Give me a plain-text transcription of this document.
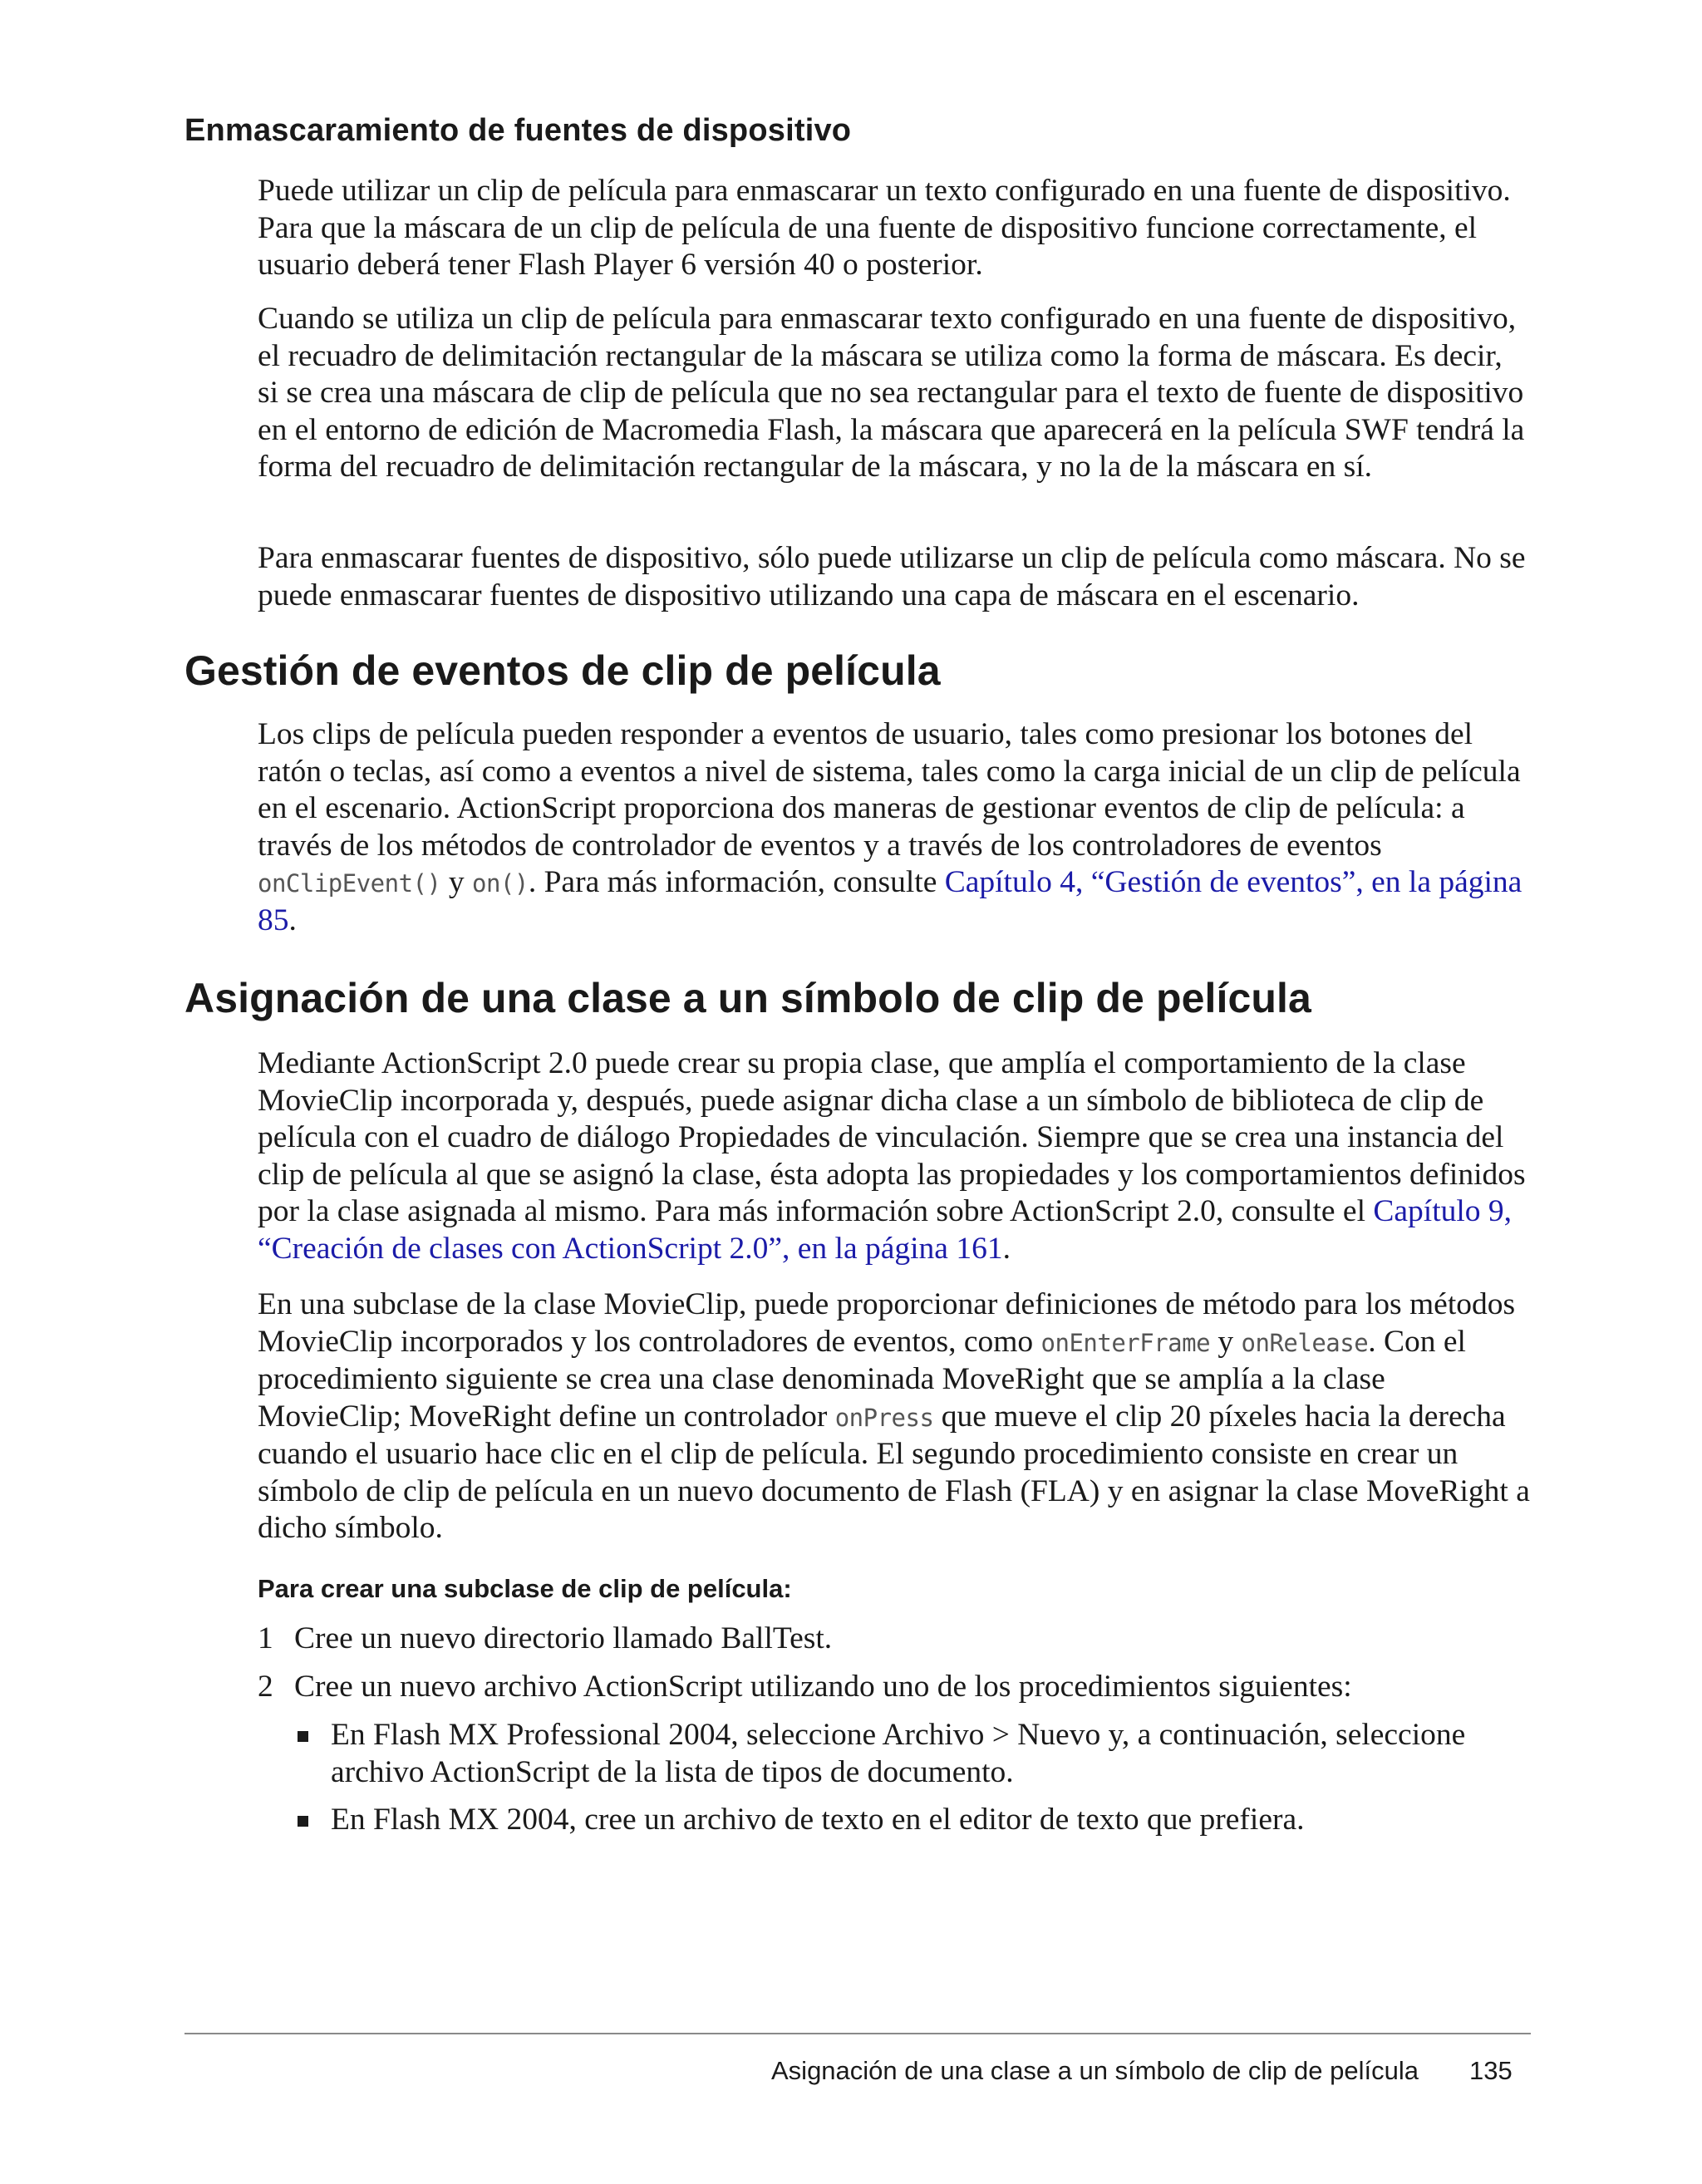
Enmascaramiento de fuentes de dispositivo

Puede utilizar un clip de película para enmascarar un texto configurado en una fuente de dispositivo. Para que la máscara de un clip de película de una fuente de dispositivo funcione correctamente, el usuario deberá tener Flash Player 6 versión 40 o posterior.

Cuando se utiliza un clip de película para enmascarar texto configurado en una fuente de dispositivo, el recuadro de delimitación rectangular de la máscara se utiliza como la forma de máscara. Es decir, si se crea una máscara de clip de película que no sea rectangular para el texto de fuente de dispositivo en el entorno de edición de Macromedia Flash, la máscara que aparecerá en la película SWF tendrá la forma del recuadro de delimitación rectangular de la máscara, y no la de la máscara en sí.

Para enmascarar fuentes de dispositivo, sólo puede utilizarse un clip de película como máscara. No se puede enmascarar fuentes de dispositivo utilizando una capa de máscara en el escenario.

Gestión de eventos de clip de película

Los clips de película pueden responder a eventos de usuario, tales como presionar los botones del ratón o teclas, así como a eventos a nivel de sistema, tales como la carga inicial de un clip de película en el escenario. ActionScript proporciona dos maneras de gestionar eventos de clip de película: a través de los métodos de controlador de eventos y a través de los controladores de eventos onClipEvent() y on(). Para más información, consulte Capítulo 4, “Gestión de eventos”, en la página 85.

Asignación de una clase a un símbolo de clip de película

Mediante ActionScript 2.0 puede crear su propia clase, que amplía el comportamiento de la clase MovieClip incorporada y, después, puede asignar dicha clase a un símbolo de biblioteca de clip de película con el cuadro de diálogo Propiedades de vinculación. Siempre que se crea una instancia del clip de película al que se asignó la clase, ésta adopta las propiedades y los comportamientos definidos por la clase asignada al mismo. Para más información sobre ActionScript 2.0, consulte el Capítulo 9, “Creación de clases con ActionScript 2.0”, en la página 161.

En una subclase de la clase MovieClip, puede proporcionar definiciones de método para los métodos MovieClip incorporados y los controladores de eventos, como onEnterFrame y onRelease. Con el procedimiento siguiente se crea una clase denominada MoveRight que se amplía a la clase MovieClip; MoveRight define un controlador onPress que mueve el clip 20 píxeles hacia la derecha cuando el usuario hace clic en el clip de película. El segundo procedimiento consiste en crear un símbolo de clip de película en un nuevo documento de Flash (FLA) y en asignar la clase MoveRight a dicho símbolo.

Para crear una subclase de clip de película:

1 Cree un nuevo directorio llamado BallTest.
2 Cree un nuevo archivo ActionScript utilizando uno de los procedimientos siguientes:
En Flash MX Professional 2004, seleccione Archivo > Nuevo y, a continuación, seleccione archivo ActionScript de la lista de tipos de documento.
En Flash MX 2004, cree un archivo de texto en el editor de texto que prefiera.
Asignación de una clase a un símbolo de clip de película 135
